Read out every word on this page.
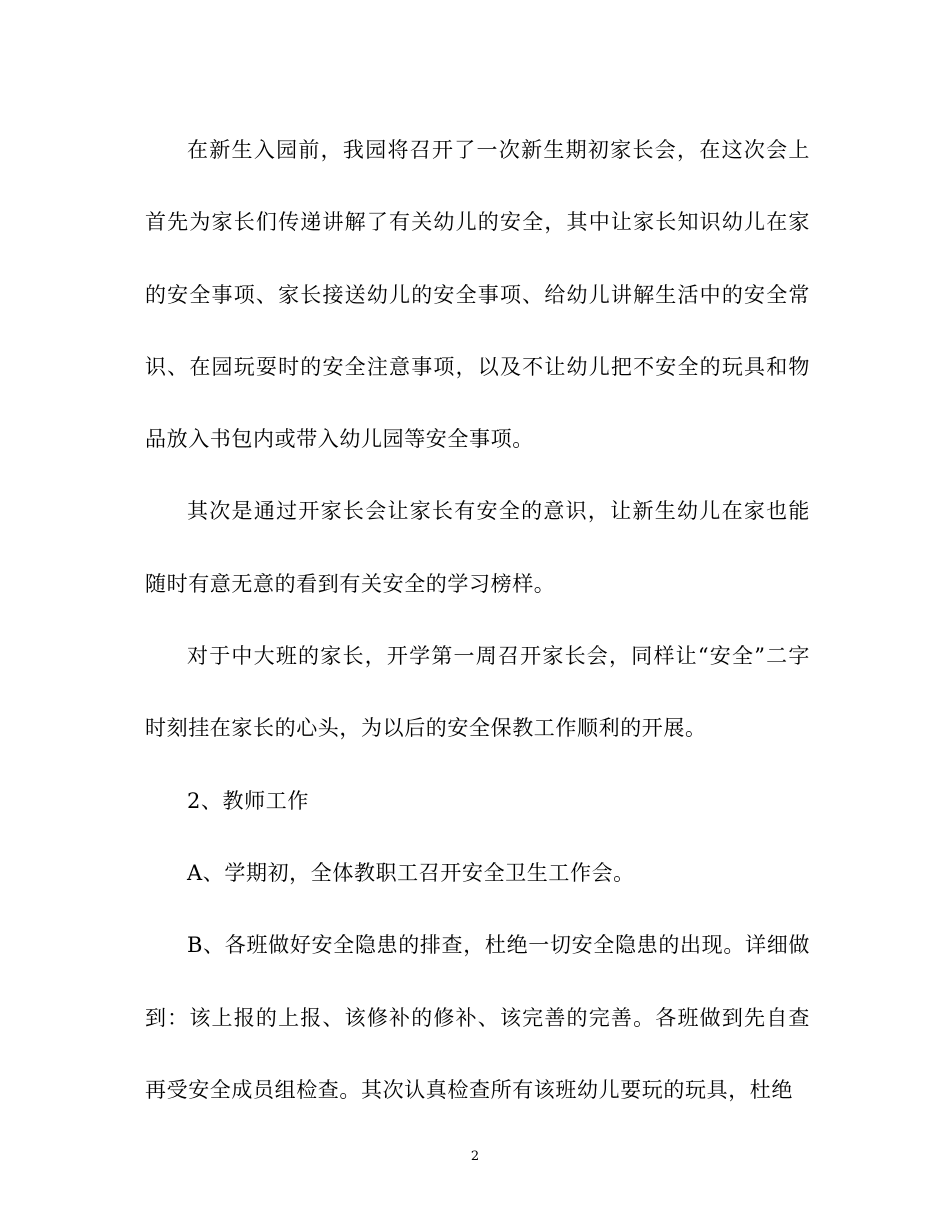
在新生入园前，我园将召开了一次新生期初家长会，在这次会上首先为家长们传递讲解了有关幼儿的安全，其中让家长知识幼儿在家的安全事项、家长接送幼儿的安全事项、给幼儿讲解生活中的安全常识、在园玩耍时的安全注意事项，以及不让幼儿把不安全的玩具和物品放入书包内或带入幼儿园等安全事项。

其次是通过开家长会让家长有安全的意识，让新生幼儿在家也能随时有意无意的看到有关安全的学习榜样。

对于中大班的家长，开学第一周召开家长会，同样让“安全”二字时刻挂在家长的心头，为以后的安全保教工作顺利的开展。

2、教师工作

A、学期初，全体教职工召开安全卫生工作会。

B、各班做好安全隐患的排查，杜绝一切安全隐患的出现。详细做到：该上报的上报、该修补的修补、该完善的完善。各班做到先自查再受安全成员组检查。其次认真检查所有该班幼儿要玩的玩具，杜绝

2
